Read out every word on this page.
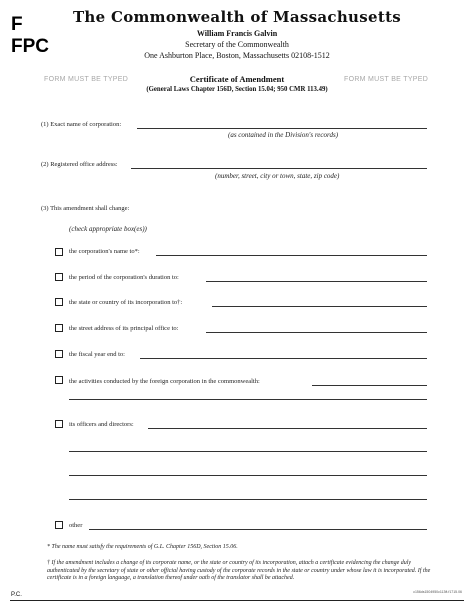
F
FPC
The Commonwealth of Massachusetts
William Francis Galvin
Secretary of the Commonwealth
One Ashburton Place, Boston, Massachusetts 02108-1512
FORM MUST BE TYPED	FORM MUST BE TYPED
Certificate of Amendment
(General Laws Chapter 156D, Section 15.04; 950 CMR 113.49)
(1) Exact name of corporation:
(as contained in the Division's records)
(2) Registered office address:
(number, street, city or town, state, zip code)
(3) This amendment shall change:
(check appropriate box(es))
the corporation's name to*:
the period of the corporation's duration to:
the state or country of its incorporation to†:
the street address of its principal office to:
the fiscal year end to:
the activities conducted by the foreign corporation in the commonwealth:
its officers and directors:
other
* The name must satisfy the requirements of G.L. Chapter 156D, Section 15.06.
† If the amendment includes a change of its corporate name, or the state or country of its incorporation, attach a certificate evidencing the change duly authenticated by the secretary of state or other official having custody of the corporate records in the state or country under whose law it is incorporated. If the certificate is in a foreign language, a translation thereof under oath of the translator shall be attached.
P.C.	c156ds1504950c113ft.f1715.06
